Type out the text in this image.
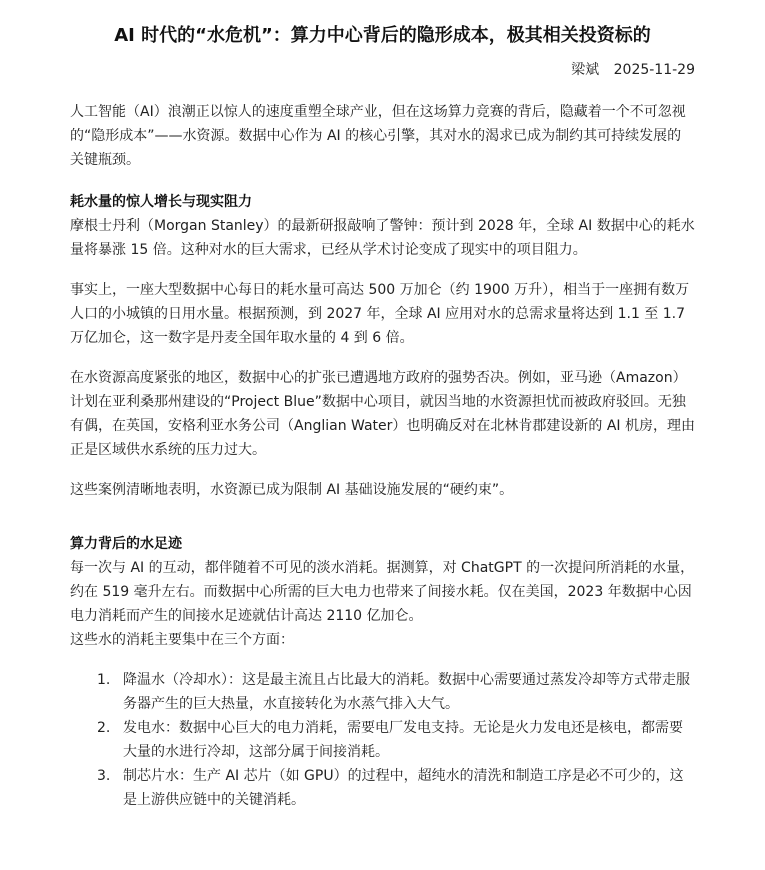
AI 时代的“水危机”：算力中心背后的隐形成本，极其相关投资标的
梁斌 2025-11-29

人工智能（AI）浪潮正以惊人的速度重塑全球产业，但在这场算力竞赛的背后，隐藏着一个不可忽视的“隐形成本”——水资源。数据中心作为 AI 的核心引擎，其对水的渴求已成为制约其可持续发展的关键瓶颈。

耗水量的惊人增长与现实阻力

摩根士丹利（Morgan Stanley）的最新研报敲响了警钟：预计到 2028 年，全球 AI 数据中心的耗水量将暴涨 15 倍。这种对水的巨大需求，已经从学术讨论变成了现实中的项目阻力。

事实上，一座大型数据中心每日的耗水量可高达 500 万加仑（约 1900 万升），相当于一座拥有数万人口的小城镇的日用水量。根据预测，到 2027 年，全球 AI 应用对水的总需求量将达到 1.1 至 1.7 万亿加仑，这一数字是丹麦全国年取水量的 4 到 6 倍。

在水资源高度紧张的地区，数据中心的扩张已遭遇地方政府的强势否决。例如，亚马逊（Amazon）计划在亚利桑那州建设的“Project Blue”数据中心项目，就因当地的水资源担忧而被政府驳回。无独有偶，在英国，安格利亚水务公司（Anglian Water）也明确反对在北林肯郡建设新的 AI 机房，理由正是区域供水系统的压力过大。

这些案例清晰地表明，水资源已成为限制 AI 基础设施发展的“硬约束”。

算力背后的水足迹

每一次与 AI 的互动，都伴随着不可见的淡水消耗。据测算，对 ChatGPT 的一次提问所消耗的水量，约在 519 毫升左右。而数据中心所需的巨大电力也带来了间接水耗。仅在美国，2023 年数据中心因电力消耗而产生的间接水足迹就估计高达 2110 亿加仑。

这些水的消耗主要集中在三个方面：

1. 降温水（冷却水）：这是最主流且占比最大的消耗。数据中心需要通过蒸发冷却等方式带走服务器产生的巨大热量，水直接转化为水蒸气排入大气。
2. 发电水：数据中心巨大的电力消耗，需要电厂发电支持。无论是火力发电还是核电，都需要大量的水进行冷却，这部分属于间接消耗。
3. 制芯片水：生产 AI 芯片（如 GPU）的过程中，超纯水的清洗和制造工序是必不可少的，这是上游供应链中的关键消耗。
